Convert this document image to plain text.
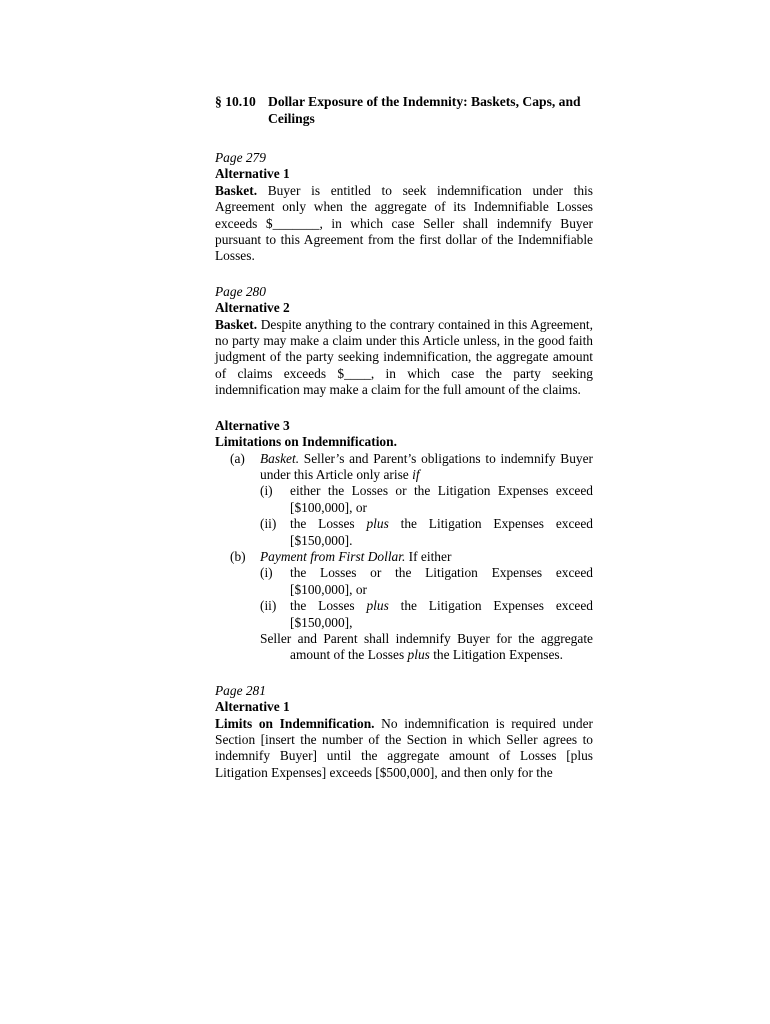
§ 10.10 Dollar Exposure of the Indemnity: Baskets, Caps, and Ceilings
Page 279
Alternative 1
Basket. Buyer is entitled to seek indemnification under this Agreement only when the aggregate of its Indemnifiable Losses exceeds $_______, in which case Seller shall indemnify Buyer pursuant to this Agreement from the first dollar of the Indemnifiable Losses.
Page 280
Alternative 2
Basket. Despite anything to the contrary contained in this Agreement, no party may make a claim under this Article unless, in the good faith judgment of the party seeking indemnification, the aggregate amount of claims exceeds $____, in which case the party seeking indemnification may make a claim for the full amount of the claims.
Alternative 3
Limitations on Indemnification.
(a)	Basket. Seller’s and Parent’s obligations to indemnify Buyer under this Article only arise if
(i)	either the Losses or the Litigation Expenses exceed [$100,000], or
(ii)	the Losses plus the Litigation Expenses exceed [$150,000].
(b)	Payment from First Dollar. If either
(i)	the Losses or the Litigation Expenses exceed [$100,000], or
(ii)	the Losses plus the Litigation Expenses exceed [$150,000],
Seller and Parent shall indemnify Buyer for the aggregate amount of the Losses plus the Litigation Expenses.
Page 281
Alternative 1
Limits on Indemnification. No indemnification is required under Section [insert the number of the Section in which Seller agrees to indemnify Buyer] until the aggregate amount of Losses [plus Litigation Expenses] exceeds [$500,000], and then only for the
